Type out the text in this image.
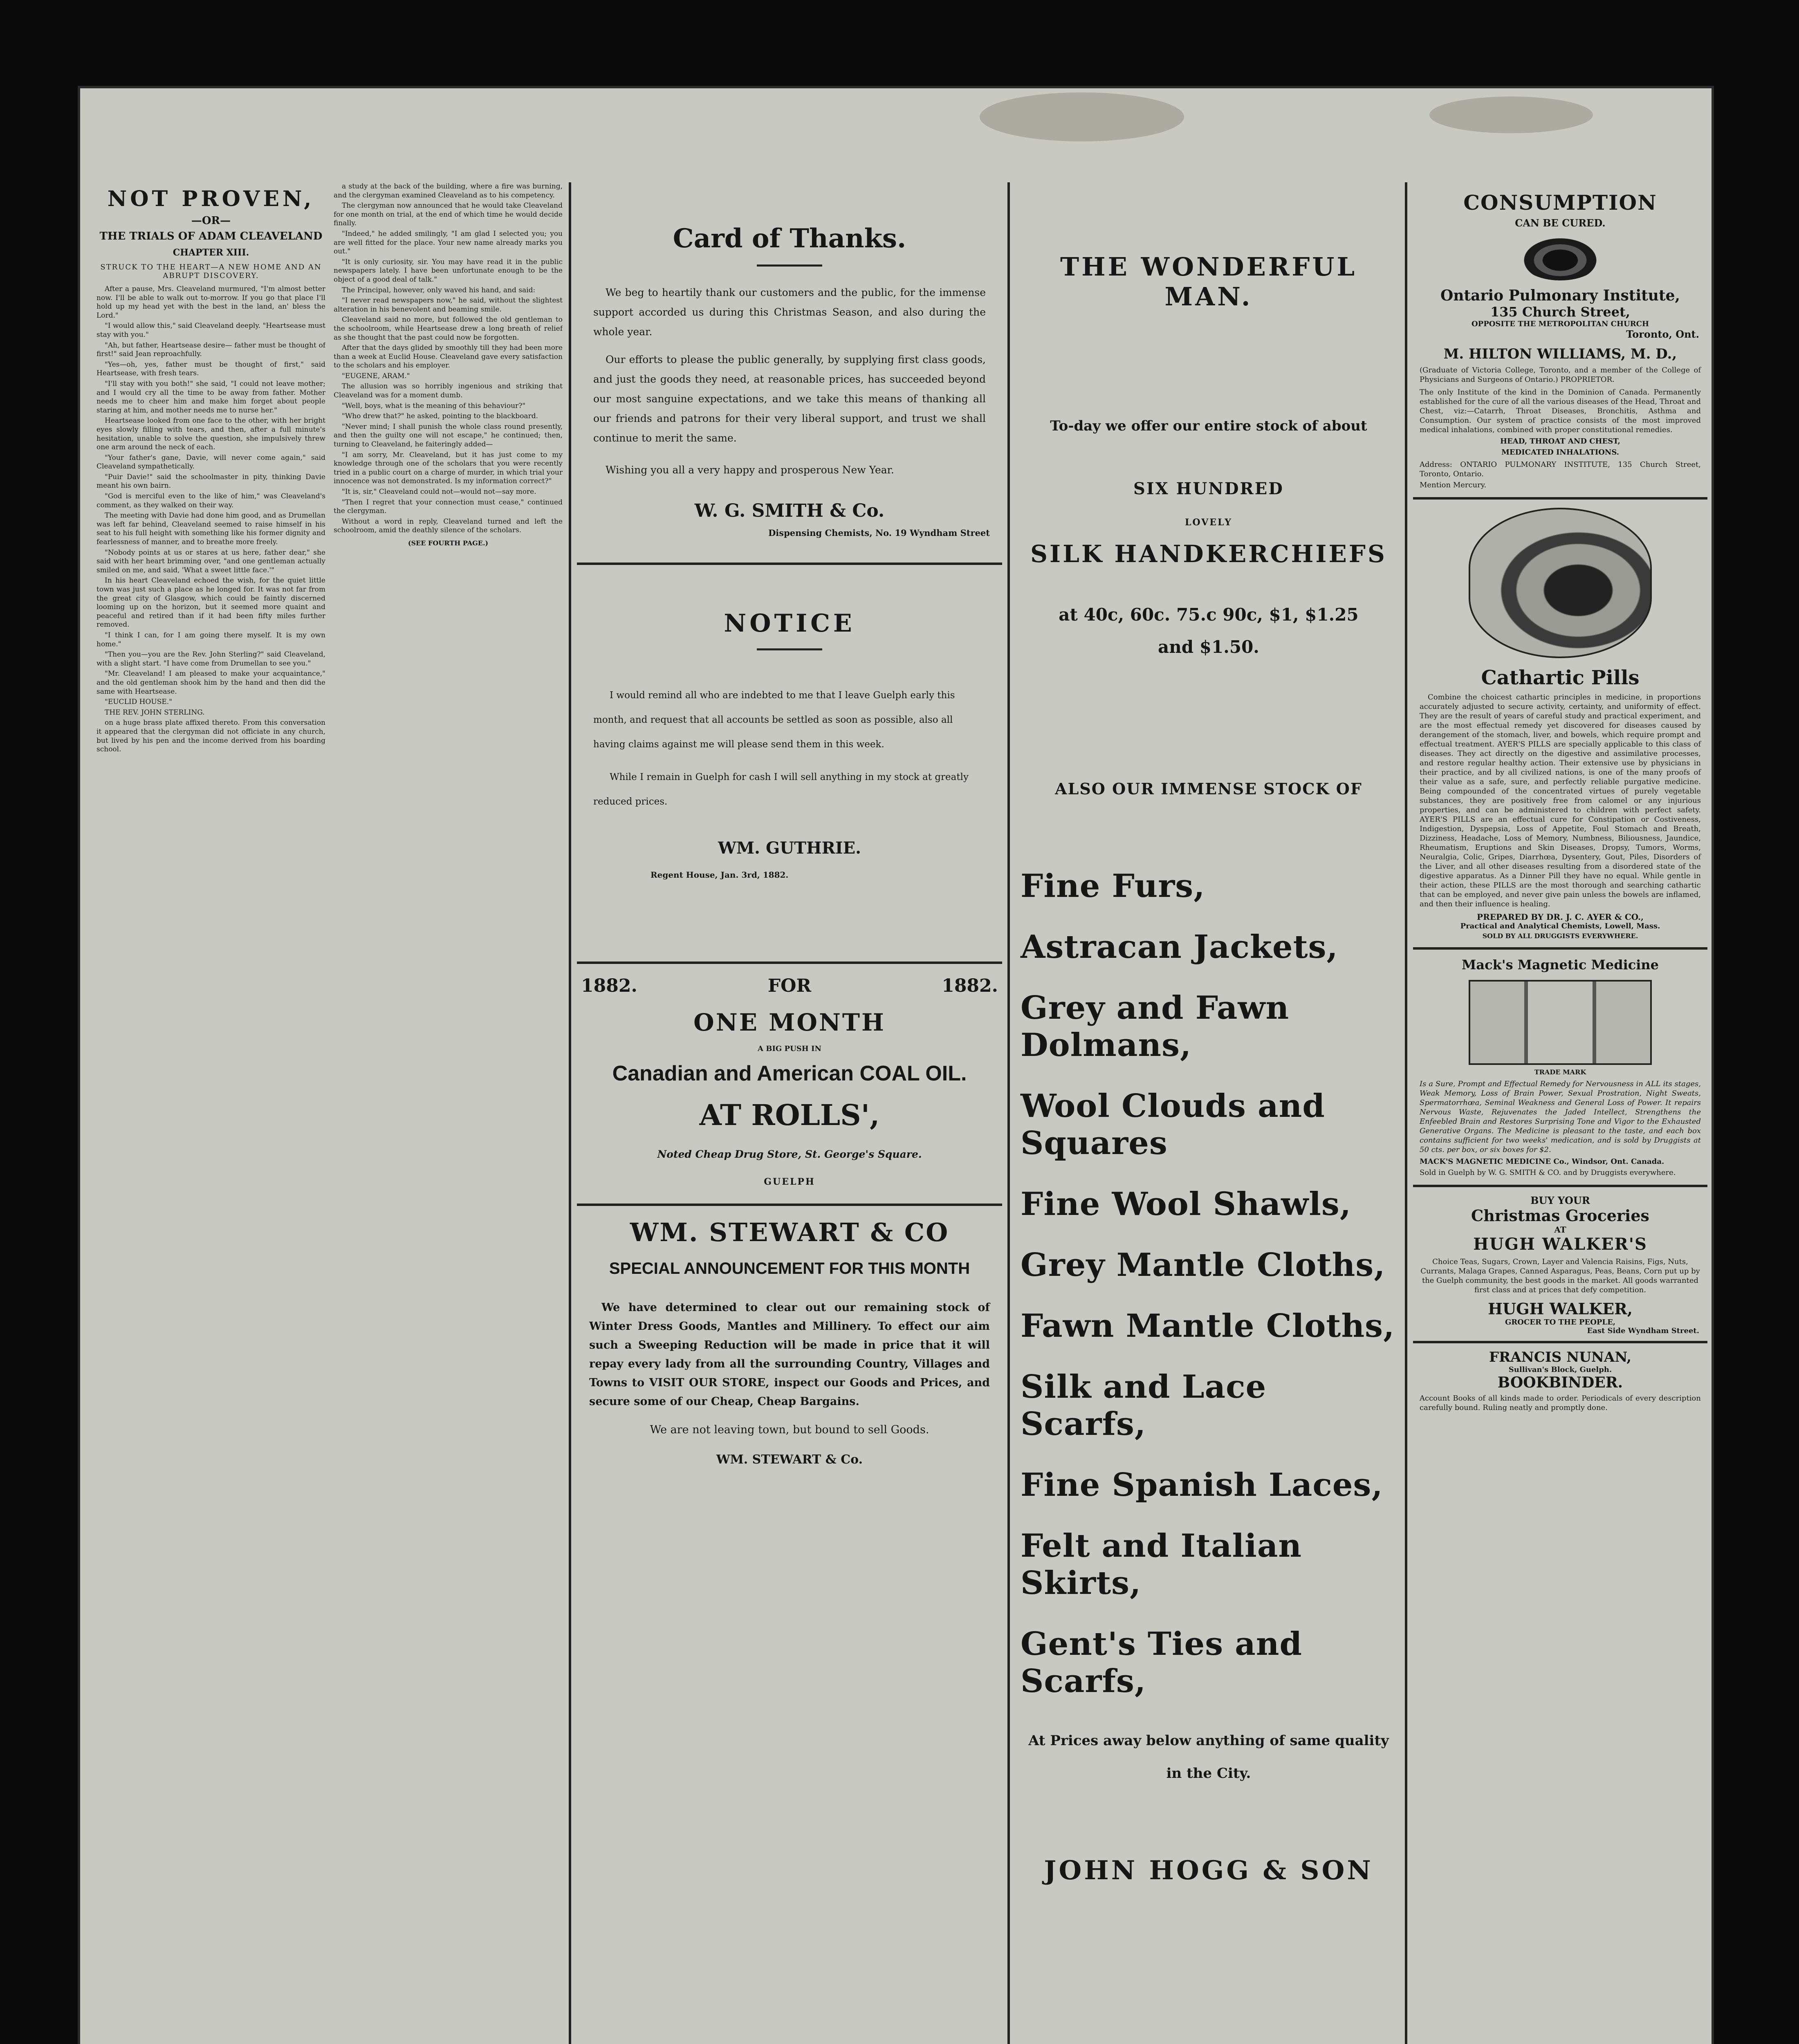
NOT PROVEN,
—OR—
THE TRIALS OF ADAM CLEAVELAND
CHAPTER XIII.
STRUCK TO THE HEART—A NEW HOME AND AN ABRUPT DISCOVERY.

After a pause, Mrs. Cleaveland murmured, "I'm almost better now. I'll be able to walk out to-morrow. If you go that place I'll hold up my head yet with the best in the land, an' bless the Lord."

"I would allow this," said Cleaveland deeply. "Heartsease must stay with you."

"Ah, but father, Heartsease desire— father must be thought of first!" said Jean reproachfully.

"Yes—oh, yes, father must be thought of first," said Heartsease, with fresh tears.

"I'll stay with you both!" she said, "I could not leave mother; and I would cry all the time to be away from father. Mother needs me to cheer him and make him forget about people staring at him, and mother needs me to nurse her."

Heartsease looked from one face to the other, with her bright eyes slowly filling with tears, and then, after a full minute's hesitation, unable to solve the question, she impulsively threw one arm around the neck of each.

"Your father's gane, Davie, will never come again," said Cleaveland sympathetically.

"Puir Davie!" said the schoolmaster in pity, thinking Davie meant his own bairn.

"God is merciful even to the like of him," was Cleaveland's comment, as they walked on their way.

The meeting with Davie had done him good, and as Drumellan was left far behind, Cleaveland seemed to raise himself in his seat to his full height with something like his former dignity and fearlessness of manner, and to breathe more freely.

"Nobody points at us or stares at us here, father dear," she said with her heart brimming over, "and one gentleman actually smiled on me, and said, 'What a sweet little face.'"

In his heart Cleaveland echoed the wish, for the quiet little town was just such a place as he longed for. It was not far from the great city of Glasgow, which could be faintly discerned looming up on the horizon, but it seemed more quaint and peaceful and retired than if it had been fifty miles further removed.

"I think I can, for I am going there myself. It is my own home."

"Then you—you are the Rev. John Sterling?" said Cleaveland, with a slight start. "I have come from Drumellan to see you."

"Mr. Cleaveland! I am pleased to make your acquaintance," and the old gentleman shook him by the hand and then did the same with Heartsease.

"EUCLID HOUSE."

THE REV. JOHN STERLING.

on a huge brass plate affixed thereto. From this conversation it appeared that the clergyman did not officiate in any church, but lived by his pen and the income derived from his boarding school.

a study at the back of the building, where a fire was burning, and the clergyman examined Cleaveland as to his competency.

The clergyman now announced that he would take Cleaveland for one month on trial, at the end of which time he would decide finally.

"Indeed," he added smilingly, "I am glad I selected you; you are well fitted for the place. Your new name already marks you out."

"It is only curiosity, sir. You may have read it in the public newspapers lately. I have been unfortunate enough to be the object of a good deal of talk."

The Principal, however, only waved his hand, and said:

"I never read newspapers now," he said, without the slightest alteration in his benevolent and beaming smile.

Cleaveland said no more, but followed the old gentleman to the schoolroom, while Heartsease drew a long breath of relief as she thought that the past could now be forgotten.

After that the days glided by smoothly till they had been more than a week at Euclid House. Cleaveland gave every satisfaction to the scholars and his employer.

"EUGENE, ARAM."

The allusion was so horribly ingenious and striking that Cleaveland was for a moment dumb.

"Well, boys, what is the meaning of this behaviour?"

"Who drew that?" he asked, pointing to the blackboard.

"Never mind; I shall punish the whole class round presently, and then the guilty one will not escape," he continued; then, turning to Cleaveland, he faiteringly added—

"I am sorry, Mr. Cleaveland, but it has just come to my knowledge through one of the scholars that you were recently tried in a public court on a charge of murder, in which trial your innocence was not demonstrated. Is my information correct?"

"It is, sir," Cleaveland could not—would not—say more.

"Then I regret that your connection must cease," continued the clergyman.

Without a word in reply, Cleaveland turned and left the schoolroom, amid the deathly silence of the scholars.

(SEE FOURTH PAGE.)
Card of Thanks.
We beg to heartily thank our customers and the public, for the immense support accorded us during this Christmas Season, and also during the whole year.
Our efforts to please the public generally, by supplying first class goods, and just the goods they need, at reasonable prices, has succeeded beyond our most sanguine expectations, and we take this means of thanking all our friends and patrons for their very liberal support, and trust we shall continue to merit the same.
Wishing you all a very happy and prosperous New Year.
W. G. SMITH & Co.
Dispensing Chemists, No. 19 Wyndham Street
NOTICE
I would remind all who are indebted to me that I leave Guelph early this month, and request that all accounts be settled as soon as possible, also all having claims against me will please send them in this week.
While I remain in Guelph for cash I will sell anything in my stock at greatly reduced prices.
WM. GUTHRIE.
Regent House, Jan. 3rd, 1882.
1882.	FOR	1882.
ONE MONTH
A BIG PUSH IN
Canadian and American COAL OIL.
AT ROLLS',
Noted Cheap Drug Store, St. George's Square.
GUELPH
WM. STEWART & CO
SPECIAL ANNOUNCEMENT FOR THIS MONTH
We have determined to clear out our remaining stock of Winter Dress Goods, Mantles and Millinery. To effect our aim such a Sweeping Reduction will be made in price that it will repay every lady from all the surrounding Country, Villages and Towns to VISIT OUR STORE, inspect our Goods and Prices, and secure some of our Cheap, Cheap Bargains.
We are not leaving town, but bound to sell Goods.
WM. STEWART & Co.
THE WONDERFUL MAN.
To-day we offer our entire stock of about
SIX HUNDRED
LOVELY
SILK HANDKERCHIEFS
at 40c, 60c. 75.c 90c, $1, $1.25
and $1.50.
ALSO OUR IMMENSE STOCK OF
Fine Furs,
Astracan Jackets,
Grey and Fawn Dolmans,
Wool Clouds and Squares
Fine Wool Shawls,
Grey Mantle Cloths,
Fawn Mantle Cloths,
Silk and Lace Scarfs,
Fine Spanish Laces,
Felt and Italian Skirts,
Gent's Ties and Scarfs,
At Prices away below anything of same quality in the City.
JOHN HOGG & SON
CONSUMPTION
CAN BE CURED.
Ontario Pulmonary Institute,
135 Church Street,
OPPOSITE THE METROPOLITAN CHURCH
Toronto, Ont.
M. HILTON WILLIAMS, M. D.,
(Graduate of Victoria College, Toronto, and a member of the College of Physicians and Surgeons of Ontario.) PROPRIETOR.
The only Institute of the kind in the Dominion of Canada. Permanently established for the cure of all the various diseases of the Head, Throat and Chest, viz:—Catarrh, Throat Diseases, Bronchitis, Asthma and Consumption. Our system of practice consists of the most improved medical inhalations, combined with proper constitutional remedies.
HEAD, THROAT AND CHEST,
MEDICATED INHALATIONS.
Address: ONTARIO PULMONARY INSTITUTE, 135 Church Street, Toronto, Ontario.
Mention Mercury.
Cathartic Pills
Combine the choicest cathartic principles in medicine, in proportions accurately adjusted to secure activity, certainty, and uniformity of effect. They are the result of years of careful study and practical experiment, and are the most effectual remedy yet discovered for diseases caused by derangement of the stomach, liver, and bowels, which require prompt and effectual treatment. AYER'S PILLS are specially applicable to this class of diseases. They act directly on the digestive and assimilative processes, and restore regular healthy action. Their extensive use by physicians in their practice, and by all civilized nations, is one of the many proofs of their value as a safe, sure, and perfectly reliable purgative medicine. Being compounded of the concentrated virtues of purely vegetable substances, they are positively free from calomel or any injurious properties, and can be administered to children with perfect safety. AYER'S PILLS are an effectual cure for Constipation or Costiveness, Indigestion, Dyspepsia, Loss of Appetite, Foul Stomach and Breath, Dizziness, Headache, Loss of Memory, Numbness, Biliousness, Jaundice, Rheumatism, Eruptions and Skin Diseases, Dropsy, Tumors, Worms, Neuralgia, Colic, Gripes, Diarrhœa, Dysentery, Gout, Piles, Disorders of the Liver, and all other diseases resulting from a disordered state of the digestive apparatus. As a Dinner Pill they have no equal. While gentle in their action, these PILLS are the most thorough and searching cathartic that can be employed, and never give pain unless the bowels are inflamed, and then their influence is healing.
PREPARED BY DR. J. C. AYER & CO.,
Practical and Analytical Chemists, Lowell, Mass.
SOLD BY ALL DRUGGISTS EVERYWHERE.
Mack's Magnetic Medicine
TRADE MARK
Is a Sure, Prompt and Effectual Remedy for Nervousness in ALL its stages, Weak Memory, Loss of Brain Power, Sexual Prostration, Night Sweats, Spermatorrhœa, Seminal Weakness and General Loss of Power. It repairs Nervous Waste, Rejuvenates the Jaded Intellect, Strengthens the Enfeebled Brain and Restores Surprising Tone and Vigor to the Exhausted Generative Organs. The Medicine is pleasant to the taste, and each box contains sufficient for two weeks' medication, and is sold by Druggists at 50 cts. per box, or six boxes for $2.
MACK'S MAGNETIC MEDICINE Co., Windsor, Ont. Canada.
Sold in Guelph by W. G. SMITH & CO. and by Druggists everywhere.
BUY YOUR
Christmas Groceries
AT
HUGH WALKER'S
Choice Teas, Sugars, Crown, Layer and Valencia Raisins, Figs, Nuts, Currants, Malaga Grapes, Canned Asparagus, Peas, Beans, Corn put up by the Guelph community, the best goods in the market. All goods warranted first class and at prices that defy competition.
HUGH WALKER,
GROCER TO THE PEOPLE,
East Side Wyndham Street.
FRANCIS NUNAN,
Sullivan's Block, Guelph.
BOOKBINDER.
Account Books of all kinds made to order. Periodicals of every description carefully bound. Ruling neatly and promptly done.
